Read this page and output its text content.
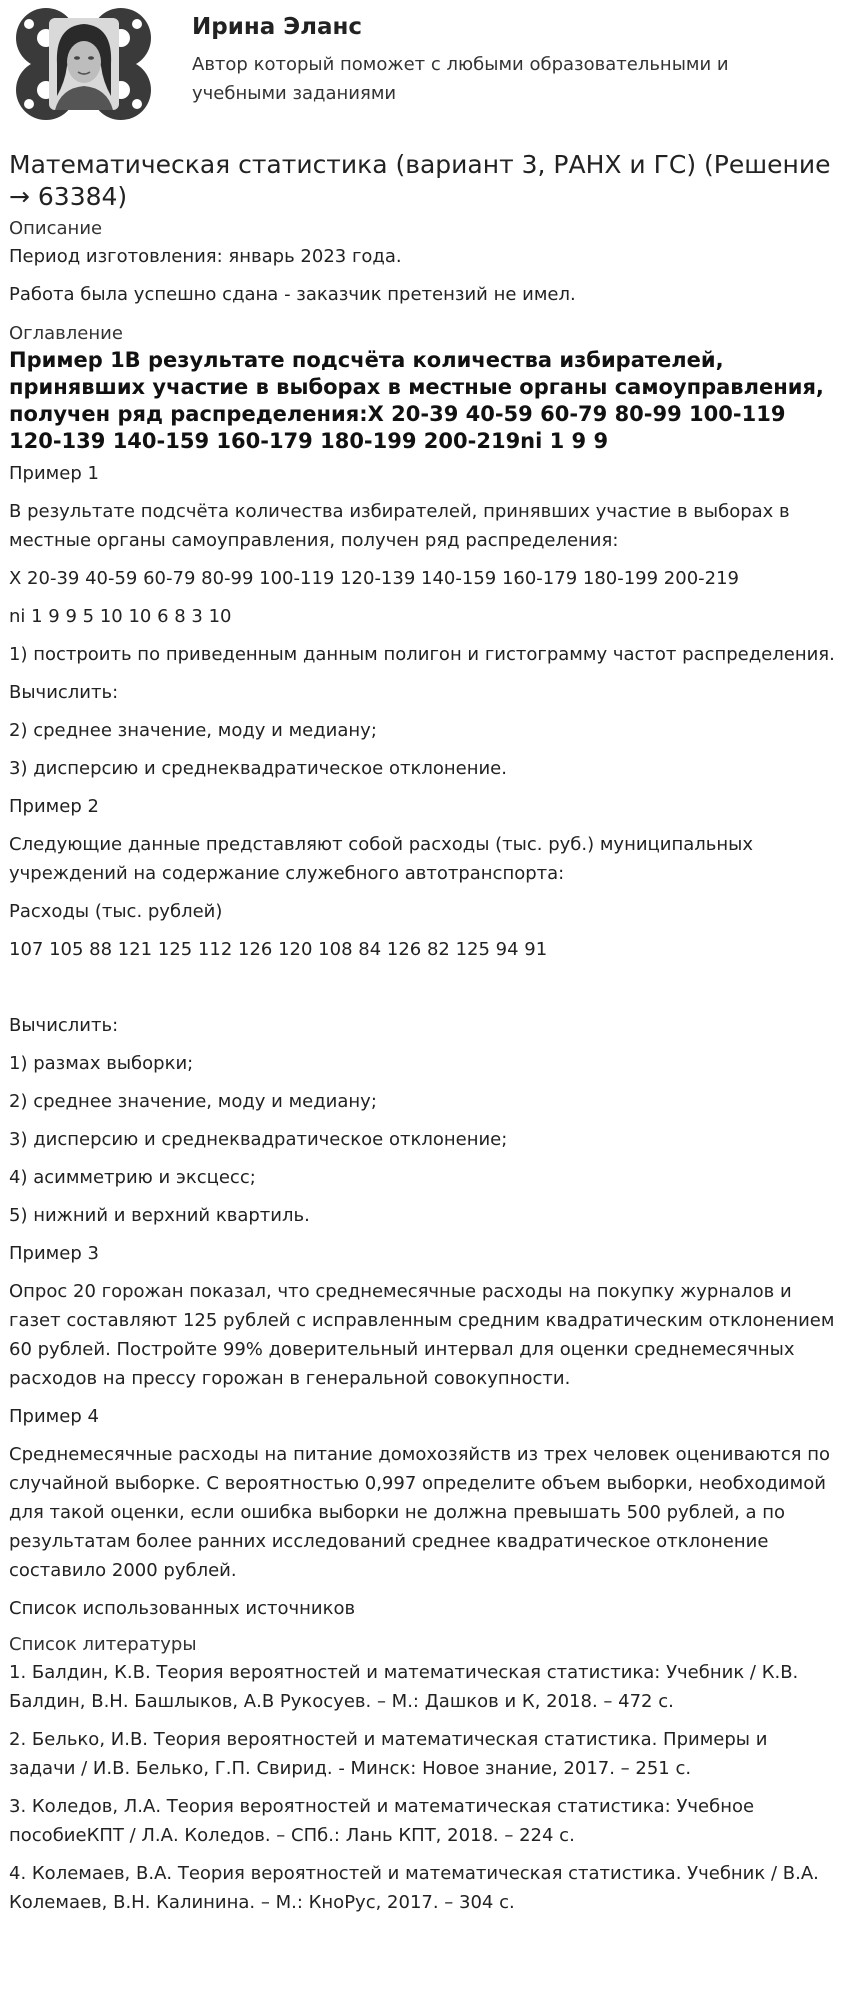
Ирина Эланс
Автор который поможет с любыми образовательными и учебными заданиями
Математическая статистика (вариант 3, РАНХ и ГС) (Решение → 63384)
Описание

Период изготовления: январь 2023 года.

Работа была успешно сдана - заказчик претензий не имел.

Оглавление
Пример 1В результате подсчёта количества избирателей, принявших участие в выборах в местные органы самоуправления, получен ряд распределения:X 20-39 40-59 60-79 80-99 100-119 120-139 140-159 160-179 180-199 200-219ni 1 9 9

Пример 1

В результате подсчёта количества избирателей, принявших участие в выборах в местные органы самоуправления, получен ряд распределения:

X 20-39 40-59 60-79 80-99 100-119 120-139 140-159 160-179 180-199 200-219

ni 1 9 9 5 10 10 6 8 3 10

1) построить по приведенным данным полигон и гистограмму частот распределения.

Вычислить:

2) среднее значение, моду и медиану;

3) дисперсию и среднеквадратическое отклонение.

Пример 2

Следующие данные представляют собой расходы (тыс. руб.) муниципальных учреждений на содержание служебного автотранспорта:

Расходы (тыс. рублей)

107 105 88 121 125 112 126 120 108 84 126 82 125 94 91

Вычислить:

1) размах выборки;

2) среднее значение, моду и медиану;

3) дисперсию и среднеквадратическое отклонение;

4) асимметрию и эксцесс;

5) нижний и верхний квартиль.

Пример 3

Опрос 20 горожан показал, что среднемесячные расходы на покупку журналов и газет составляют 125 рублей с исправленным средним квадратическим отклонением 60 рублей. Постройте 99% доверительный интервал для оценки среднемесячных расходов на прессу горожан в генеральной совокупности.

Пример 4

Среднемесячные расходы на питание домохозяйств из трех человек оцениваются по случайной выборке. С вероятностью 0,997 определите объем выборки, необходимой для такой оценки, если ошибка выборки не должна превышать 500 рублей, а по результатам более ранних исследований среднее квадратическое отклонение составило 2000 рублей.

Список использованных источников

Список литературы

1. Балдин, К.В. Теория вероятностей и математическая статистика: Учебник / К.В. Балдин, В.Н. Башлыков, А.В Рукосуев. – М.: Дашков и К, 2018. – 472 с.

2. Белько, И.В. Теория вероятностей и математическая статистика. Примеры и задачи / И.В. Белько, Г.П. Свирид. - Минск: Новое знание, 2017. – 251 с.

3. Коледов, Л.А. Теория вероятностей и математическая статистика: Учебное пособиеКПТ / Л.А. Коледов. – СПб.: Лань КПТ, 2018. – 224 с.

4. Колемаев, В.А. Теория вероятностей и математическая статистика. Учебник / В.А. Колемаев, В.Н. Калинина. – М.: КноРус, 2017. – 304 с.
